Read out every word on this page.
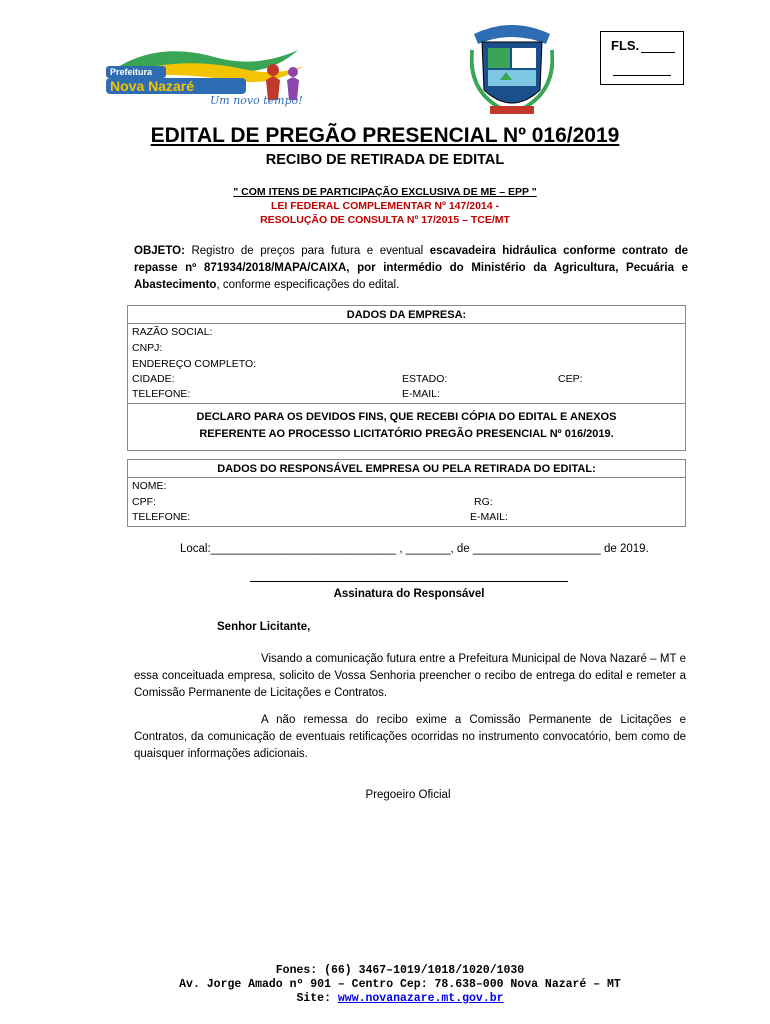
Prefeitura
Nova Nazaré
Um novo tempo!
FLS.
EDITAL DE PREGÃO PRESENCIAL Nº 016/2019
RECIBO DE RETIRADA DE EDITAL
" COM ITENS DE PARTICIPAÇÃO EXCLUSIVA DE ME – EPP "
LEI FEDERAL COMPLEMENTAR Nº 147/2014 -
RESOLUÇÃO DE CONSULTA Nº 17/2015 – TCE/MT
OBJETO: Registro de preços para futura e eventual escavadeira hidráulica conforme contrato de repasse nº 871934/2018/MAPA/CAIXA, por intermédio do Ministério da Agricultura, Pecuária e Abastecimento, conforme especificações do edital.
DADOS DA EMPRESA:
RAZÃO SOCIAL:
CNPJ:
ENDEREÇO COMPLETO:
CIDADE:	ESTADO:	CEP:
TELEFONE:	E-MAIL:
DECLARO PARA OS DEVIDOS FINS, QUE RECEBI CÓPIA DO EDITAL E ANEXOS
REFERENTE AO PROCESSO LICITATÓRIO PREGÃO PRESENCIAL Nº 016/2019.
DADOS DO RESPONSÁVEL EMPRESA OU PELA RETIRADA DO EDITAL:
NOME:
CPF:	RG:
TELEFONE:	E-MAIL:
Local:_____________________________ , _______, de ____________________ de 2019.
Assinatura do Responsável
Senhor Licitante,
Visando a comunicação futura entre a Prefeitura Municipal de Nova Nazaré – MT e essa conceituada empresa, solicito de Vossa Senhoria preencher o recibo de entrega do edital e remeter a Comissão Permanente de Licitações e Contratos.
A não remessa do recibo exime a Comissão Permanente de Licitações e Contratos, da comunicação de eventuais retificações ocorridas no instrumento convocatório, bem como de quaisquer informações adicionais.
Pregoeiro Oficial
Fones: (66) 3467–1019/1018/1020/1030
Av. Jorge Amado nº 901 – Centro Cep: 78.638–000 Nova Nazaré – MT
Site: www.novanazare.mt.gov.br
